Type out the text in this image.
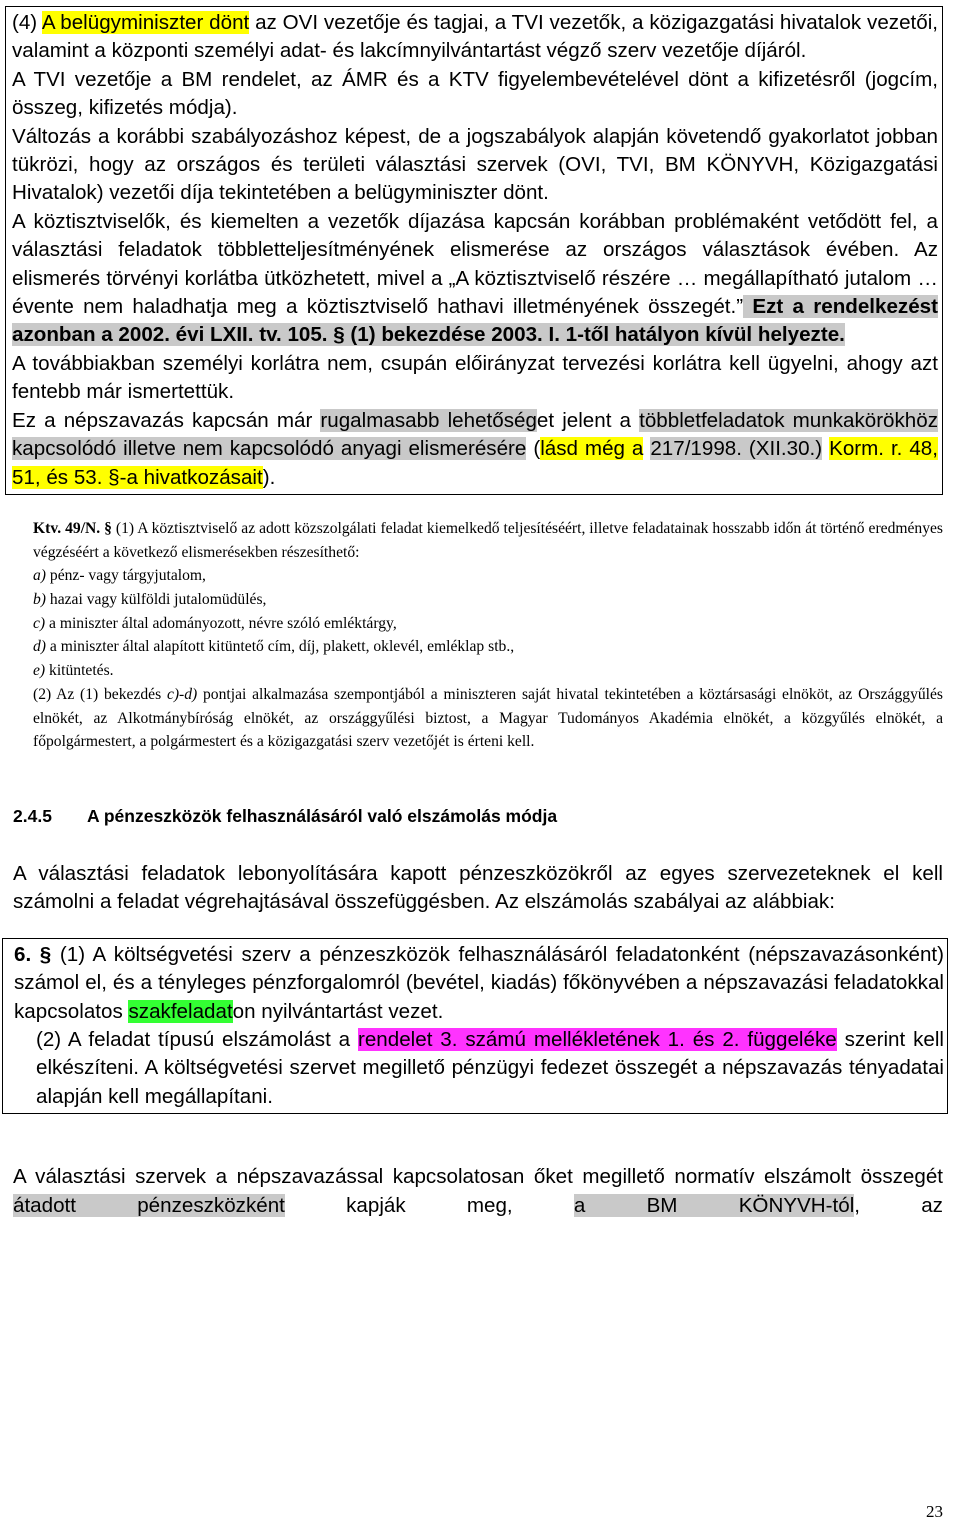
(4) A belügyminiszter dönt az OVI vezetője és tagjai, a TVI vezetők, a közigazgatási hivatalok vezetői, valamint a központi személyi adat- és lakcímnyilvántartást végző szerv vezetője díjáról.

A TVI vezetője a BM rendelet, az ÁMR és a KTV figyelembevételével dönt a kifizetésről (jogcím, összeg, kifizetés módja).

Változás a korábbi szabályozáshoz képest, de a jogszabályok alapján követendő gyakorlatot jobban tükrözi, hogy az országos és területi választási szervek (OVI, TVI, BM KÖNYVH, Közigazgatási Hivatalok) vezetői díja tekintetében a belügyminiszter dönt.

A köztisztviselők, és kiemelten a vezetők díjazása kapcsán korábban problémaként vetődött fel, a választási feladatok többletteljesítményének elismerése az országos választások évében. Az elismerés törvényi korlátba ütközhetett, mivel a „A köztisztviselő részére … megállapítható jutalom … évente nem haladhatja meg a köztisztviselő hathavi illetményének összegét.” Ezt a rendelkezést azonban a 2002. évi LXII. tv. 105. § (1) bekezdése 2003. I. 1-től hatályon kívül helyezte.

A továbbiakban személyi korlátra nem, csupán előirányzat tervezési korlátra kell ügyelni, ahogy azt fentebb már ismertettük.

Ez a népszavazás kapcsán már rugalmasabb lehetőséget jelent a többletfeladatok munkakörökhöz kapcsolódó illetve nem kapcsolódó anyagi elismerésére (lásd még a 217/1998. (XII.30.) Korm. r. 48, 51, és 53. §-a hivatkozásait).

Ktv. 49/N. § (1) A köztisztviselő az adott közszolgálati feladat kiemelkedő teljesítéséért, illetve feladatainak hosszabb időn át történő eredményes végzéséért a következő elismerésekben részesíthető:

a) pénz- vagy tárgyjutalom,

b) hazai vagy külföldi jutalomüdülés,

c) a miniszter által adományozott, névre szóló emléktárgy,

d) a miniszter által alapított kitüntető cím, díj, plakett, oklevél, emléklap stb.,

e) kitüntetés.

(2) Az (1) bekezdés c)-d) pontjai alkalmazása szempontjából a miniszteren saját hivatal tekintetében a köztársasági elnököt, az Országgyűlés elnökét, az Alkotmánybíróság elnökét, az országgyűlési biztost, a Magyar Tudományos Akadémia elnökét, a közgyűlés elnökét, a főpolgármestert, a polgármestert és a közigazgatási szerv vezetőjét is érteni kell.

2.4.5 A pénzeszközök felhasználásáról való elszámolás módja

A választási feladatok lebonyolítására kapott pénzeszközökről az egyes szervezeteknek el kell számolni a feladat végrehajtásával összefüggésben. Az elszámolás szabályai az alábbiak:

6. § (1) A költségvetési szerv a pénzeszközök felhasználásáról feladatonként (népszavazásonként) számol el, és a tényleges pénzforgalomról (bevétel, kiadás) főkönyvében a népszavazási feladatokkal kapcsolatos szakfeladaton nyilvántartást vezet.

(2) A feladat típusú elszámolást a rendelet 3. számú mellékletének 1. és 2. függeléke szerint kell elkészíteni. A költségvetési szervet megillető pénzügyi fedezet összegét a népszavazás tényadatai alapján kell megállapítani.

A választási szervek a népszavazással kapcsolatosan őket megillető normatív elszámolt összegét átadott pénzeszközként kapják meg, a BM KÖNYVH-tól, az

23
